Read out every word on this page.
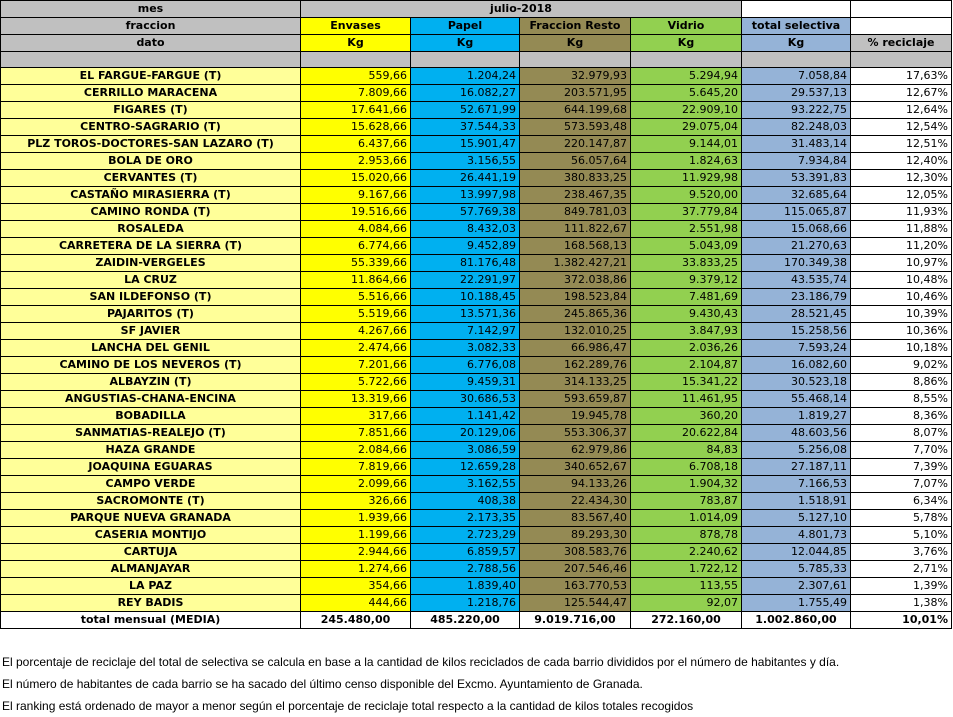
mes	julio-2018					
fraccion	Envases	Papel	Fraccion Resto	Vidrio	total selectiva	
dato	Kg	Kg	Kg	Kg	Kg	% reciclaje

EL FARGUE-FARGUE (T)	559,66	1.204,24	32.979,93	5.294,94	7.058,84	17,63%
CERRILLO MARACENA	7.809,66	16.082,27	203.571,95	5.645,20	29.537,13	12,67%
FIGARES (T)	17.641,66	52.671,99	644.199,68	22.909,10	93.222,75	12,64%
CENTRO-SAGRARIO (T)	15.628,66	37.544,33	573.593,48	29.075,04	82.248,03	12,54%
PLZ TOROS-DOCTORES-SAN LAZARO (T)	6.437,66	15.901,47	220.147,87	9.144,01	31.483,14	12,51%
BOLA DE ORO	2.953,66	3.156,55	56.057,64	1.824,63	7.934,84	12,40%
CERVANTES (T)	15.020,66	26.441,19	380.833,25	11.929,98	53.391,83	12,30%
CASTAÑO MIRASIERRA (T)	9.167,66	13.997,98	238.467,35	9.520,00	32.685,64	12,05%
CAMINO RONDA (T)	19.516,66	57.769,38	849.781,03	37.779,84	115.065,87	11,93%
ROSALEDA	4.084,66	8.432,03	111.822,67	2.551,98	15.068,66	11,88%
CARRETERA DE LA SIERRA (T)	6.774,66	9.452,89	168.568,13	5.043,09	21.270,63	11,20%
ZAIDIN-VERGELES	55.339,66	81.176,48	1.382.427,21	33.833,25	170.349,38	10,97%
LA CRUZ	11.864,66	22.291,97	372.038,86	9.379,12	43.535,74	10,48%
SAN ILDEFONSO (T)	5.516,66	10.188,45	198.523,84	7.481,69	23.186,79	10,46%
PAJARITOS (T)	5.519,66	13.571,36	245.865,36	9.430,43	28.521,45	10,39%
SF JAVIER	4.267,66	7.142,97	132.010,25	3.847,93	15.258,56	10,36%
LANCHA DEL GENIL	2.474,66	3.082,33	66.986,47	2.036,26	7.593,24	10,18%
CAMINO DE LOS NEVEROS (T)	7.201,66	6.776,08	162.289,76	2.104,87	16.082,60	9,02%
ALBAYZIN (T)	5.722,66	9.459,31	314.133,25	15.341,22	30.523,18	8,86%
ANGUSTIAS-CHANA-ENCINA	13.319,66	30.686,53	593.659,87	11.461,95	55.468,14	8,55%
BOBADILLA	317,66	1.141,42	19.945,78	360,20	1.819,27	8,36%
SANMATIAS-REALEJO (T)	7.851,66	20.129,06	553.306,37	20.622,84	48.603,56	8,07%
HAZA GRANDE	2.084,66	3.086,59	62.979,86	84,83	5.256,08	7,70%
JOAQUINA EGUARAS	7.819,66	12.659,28	340.652,67	6.708,18	27.187,11	7,39%
CAMPO VERDE	2.099,66	3.162,55	94.133,26	1.904,32	7.166,53	7,07%
SACROMONTE (T)	326,66	408,38	22.434,30	783,87	1.518,91	6,34%
PARQUE NUEVA GRANADA	1.939,66	2.173,35	83.567,40	1.014,09	5.127,10	5,78%
CASERIA MONTIJO	1.199,66	2.723,29	89.293,30	878,78	4.801,73	5,10%
CARTUJA	2.944,66	6.859,57	308.583,76	2.240,62	12.044,85	3,76%
ALMANJAYAR	1.274,66	2.788,56	207.546,46	1.722,12	5.785,33	2,71%
LA PAZ	354,66	1.839,40	163.770,53	113,55	2.307,61	1,39%
REY BADIS	444,66	1.218,76	125.544,47	92,07	1.755,49	1,38%
total mensual (MEDIA)	245.480,00	485.220,00	9.019.716,00	272.160,00	1.002.860,00	10,01%
El porcentaje de reciclaje del total de selectiva se calcula en base a la cantidad de kilos reciclados de cada barrio divididos por el número de habitantes y día.
El número de habitantes de cada barrio se ha sacado del último censo disponible del Excmo. Ayuntamiento de Granada.
El ranking está ordenado de mayor a menor según el porcentaje de reciclaje total respecto a la cantidad de kilos totales recogidos
